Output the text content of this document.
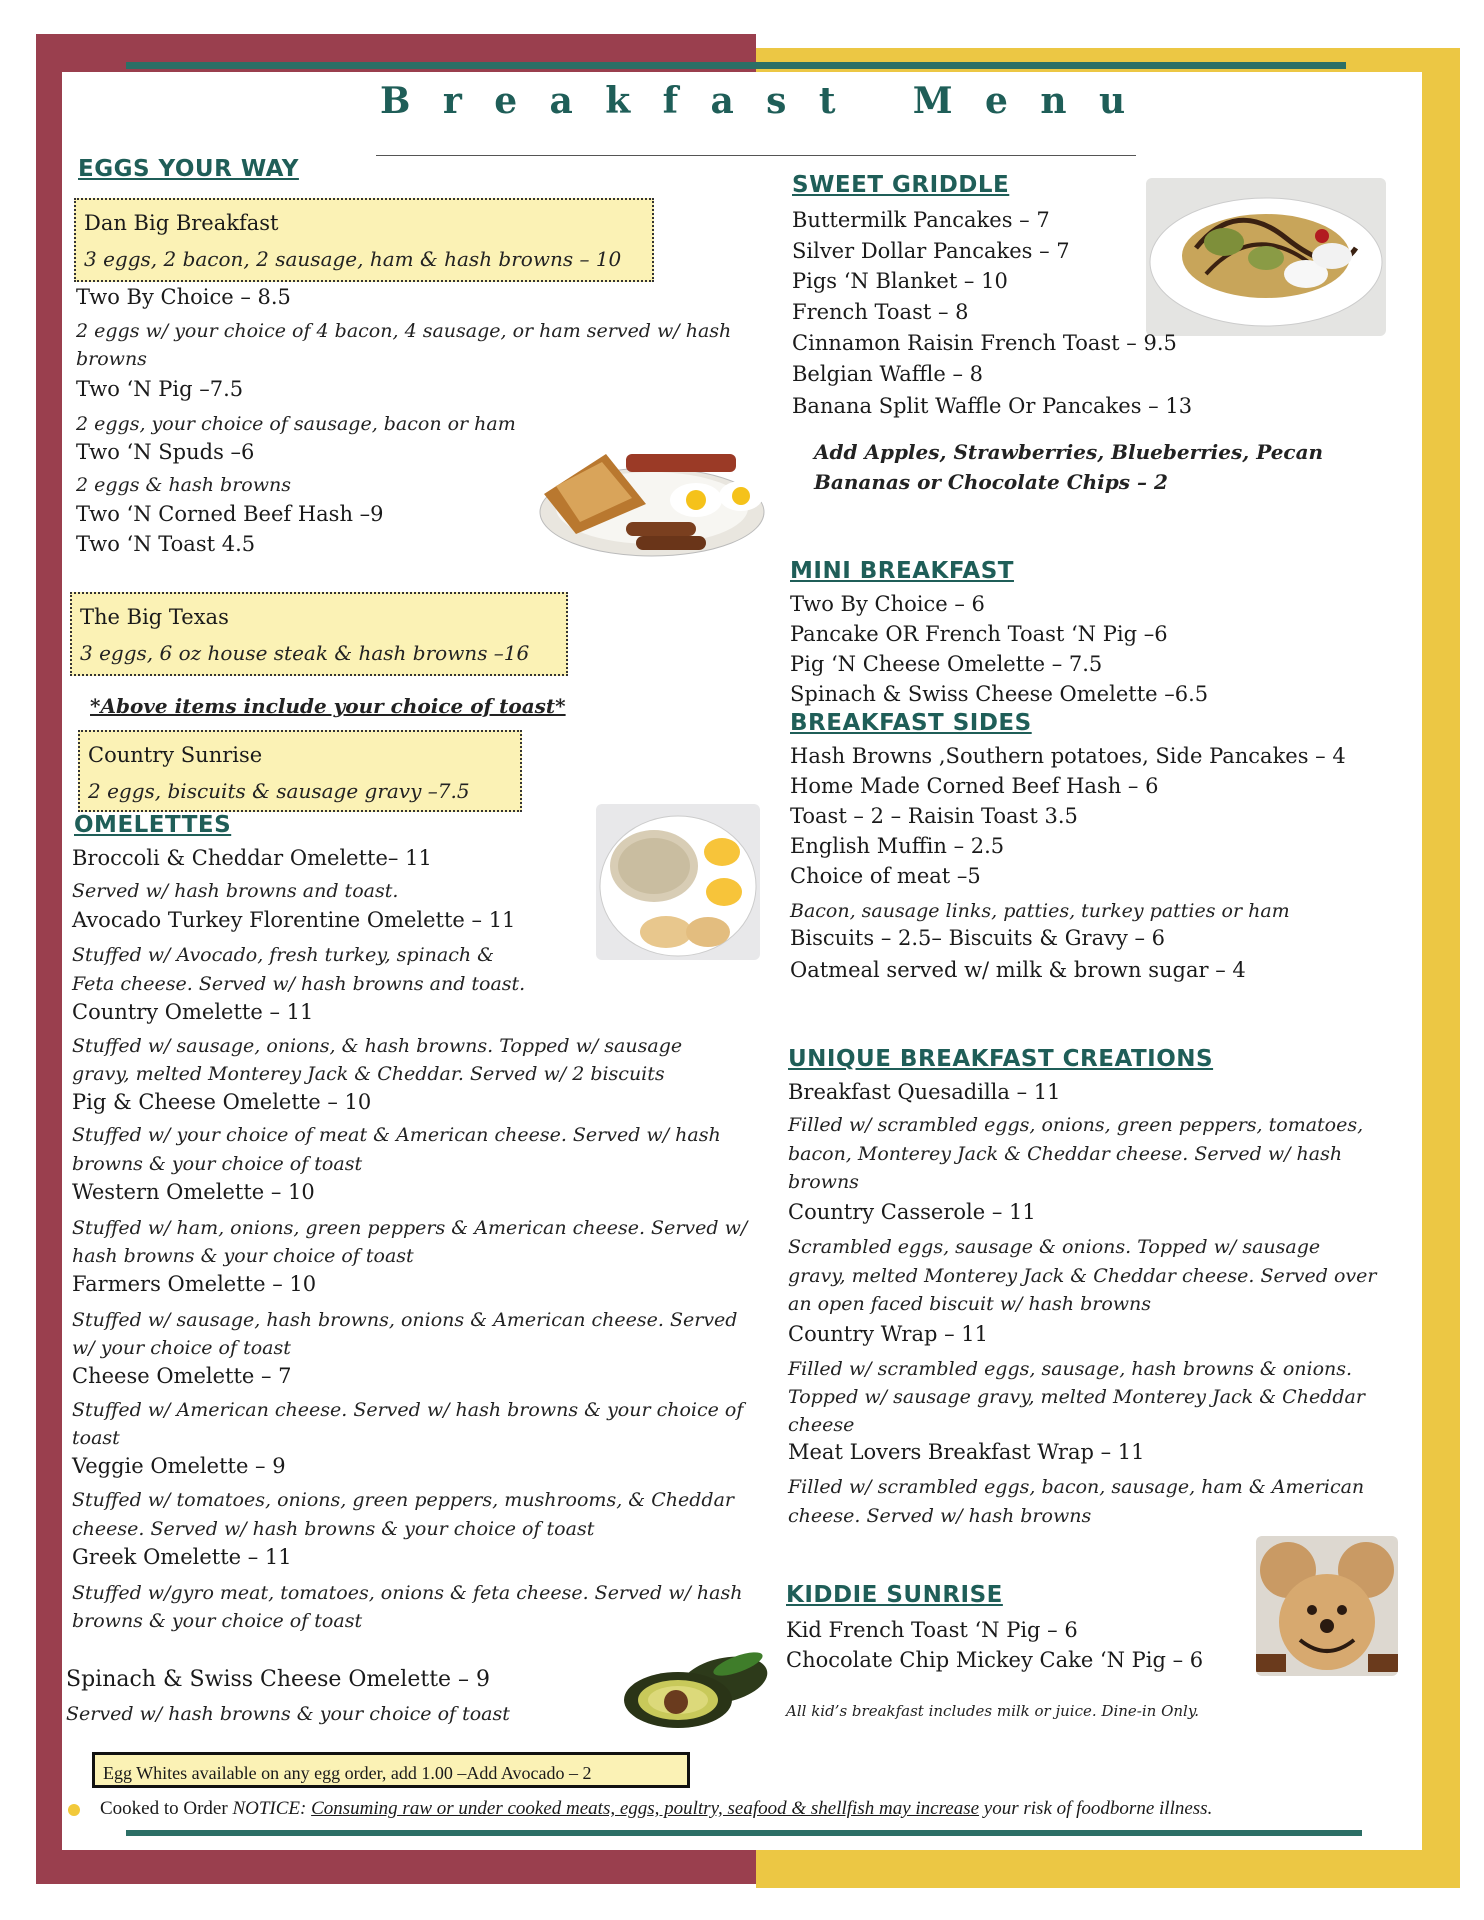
Breakfast Menu
EGGS YOUR WAY
Dan Big Breakfast
3 eggs, 2 bacon, 2 sausage, ham & hash browns – 10
Two By Choice – 8.5
2 eggs w/ your choice of 4 bacon, 4 sausage, or ham served w/ hash
browns
Two ‘N Pig –7.5
2 eggs, your choice of sausage, bacon or ham
Two ‘N Spuds –6
2 eggs & hash browns
Two ‘N Corned Beef Hash –9
Two ‘N Toast 4.5
The Big Texas
3 eggs, 6 oz house steak & hash browns –16
*Above items include your choice of toast*
Country Sunrise
2 eggs, biscuits & sausage gravy –7.5
OMELETTES
Broccoli & Cheddar Omelette– 11
Served w/ hash browns and toast.
Avocado Turkey Florentine Omelette – 11
Stuffed w/ Avocado, fresh turkey, spinach &
Feta cheese. Served w/ hash browns and toast.
Country Omelette – 11
Stuffed w/ sausage, onions, & hash browns. Topped w/ sausage
gravy, melted Monterey Jack & Cheddar. Served w/ 2 biscuits
Pig & Cheese Omelette – 10
Stuffed w/ your choice of meat & American cheese. Served w/ hash
browns & your choice of toast
Western Omelette – 10
Stuffed w/ ham, onions, green peppers & American cheese. Served w/
hash browns & your choice of toast
Farmers Omelette – 10
Stuffed w/ sausage, hash browns, onions & American cheese. Served
w/ your choice of toast
Cheese Omelette – 7
Stuffed w/ American cheese. Served w/ hash browns & your choice of
toast
Veggie Omelette – 9
Stuffed w/ tomatoes, onions, green peppers, mushrooms, & Cheddar
cheese. Served w/ hash browns & your choice of toast
Greek Omelette – 11
Stuffed w/gyro meat, tomatoes, onions & feta cheese. Served w/ hash
browns & your choice of toast
Spinach & Swiss Cheese Omelette – 9
Served w/ hash browns & your choice of toast
SWEET GRIDDLE
Buttermilk Pancakes – 7
Silver Dollar Pancakes – 7
Pigs ‘N Blanket – 10
French Toast – 8
Cinnamon Raisin French Toast – 9.5
Belgian Waffle – 8
Banana Split Waffle Or Pancakes – 13
Add Apples, Strawberries, Blueberries, Pecan
Bananas or Chocolate Chips – 2
MINI BREAKFAST
Two By Choice – 6
Pancake OR French Toast ‘N Pig –6
Pig ‘N Cheese Omelette – 7.5
Spinach & Swiss Cheese Omelette –6.5
BREAKFAST SIDES
Hash Browns ,Southern potatoes, Side Pancakes – 4
Home Made Corned Beef Hash – 6
Toast – 2 – Raisin Toast 3.5
English Muffin – 2.5
Choice of meat –5
Bacon, sausage links, patties, turkey patties or ham
Biscuits – 2.5– Biscuits & Gravy – 6
Oatmeal served w/ milk & brown sugar – 4
UNIQUE BREAKFAST CREATIONS
Breakfast Quesadilla – 11
Filled w/ scrambled eggs, onions, green peppers, tomatoes,
bacon, Monterey Jack & Cheddar cheese. Served w/ hash
browns
Country Casserole – 11
Scrambled eggs, sausage & onions. Topped w/ sausage
gravy, melted Monterey Jack & Cheddar cheese. Served over
an open faced biscuit w/ hash browns
Country Wrap – 11
Filled w/ scrambled eggs, sausage, hash browns & onions.
Topped w/ sausage gravy, melted Monterey Jack & Cheddar
cheese
Meat Lovers Breakfast Wrap – 11
Filled w/ scrambled eggs, bacon, sausage, ham & American
cheese. Served w/ hash browns
KIDDIE SUNRISE
Kid French Toast ‘N Pig – 6
Chocolate Chip Mickey Cake ‘N Pig – 6
All kid’s breakfast includes milk or juice. Dine-in Only.
Egg Whites available on any egg order, add 1.00 –Add Avocado – 2
Cooked to Order NOTICE: Consuming raw or under cooked meats, eggs, poultry, seafood & shellfish may increase your risk of foodborne illness.
